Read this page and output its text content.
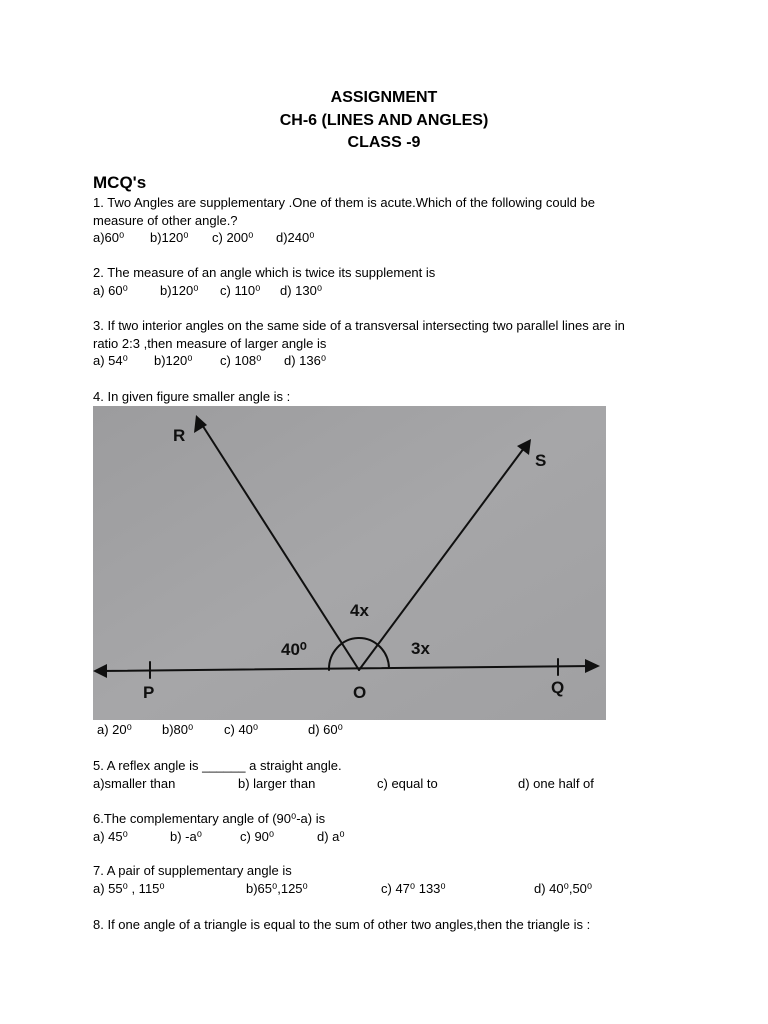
ASSIGNMENT
CH-6 (LINES AND ANGLES)
CLASS -9
MCQ's
1. Two Angles are supplementary .One of them is acute.Which of the following could be
measure of other angle.?
a)60⁰ b)120⁰ c) 200⁰ d)240⁰
2. The measure of an angle which is twice its supplement is
a) 60⁰ b)120⁰ c) 110⁰ d) 130⁰
3. If two interior angles on the same side of a transversal intersecting two parallel lines are in
ratio 2:3 ,then measure of larger angle is
a) 54⁰ b)120⁰ c) 108⁰ d) 136⁰
4. In given figure smaller angle is :
R
S
P	O	Q
4x
40⁰	3x
a) 20⁰ b)80⁰ c) 40⁰	d) 60⁰
5. A reflex angle is ______ a straight angle.
a)smaller than	b) larger than	c) equal to	d) one half of
6.The complementary angle of (90⁰-a) is
a) 45⁰	b) -a⁰	c) 90⁰	d) a⁰
7. A pair of supplementary angle is
a) 55⁰ , 115⁰	b)65⁰,125⁰	c) 47⁰ 133⁰	d) 40⁰,50⁰
8. If one angle of a triangle is equal to the sum of other two angles,then the triangle is :
